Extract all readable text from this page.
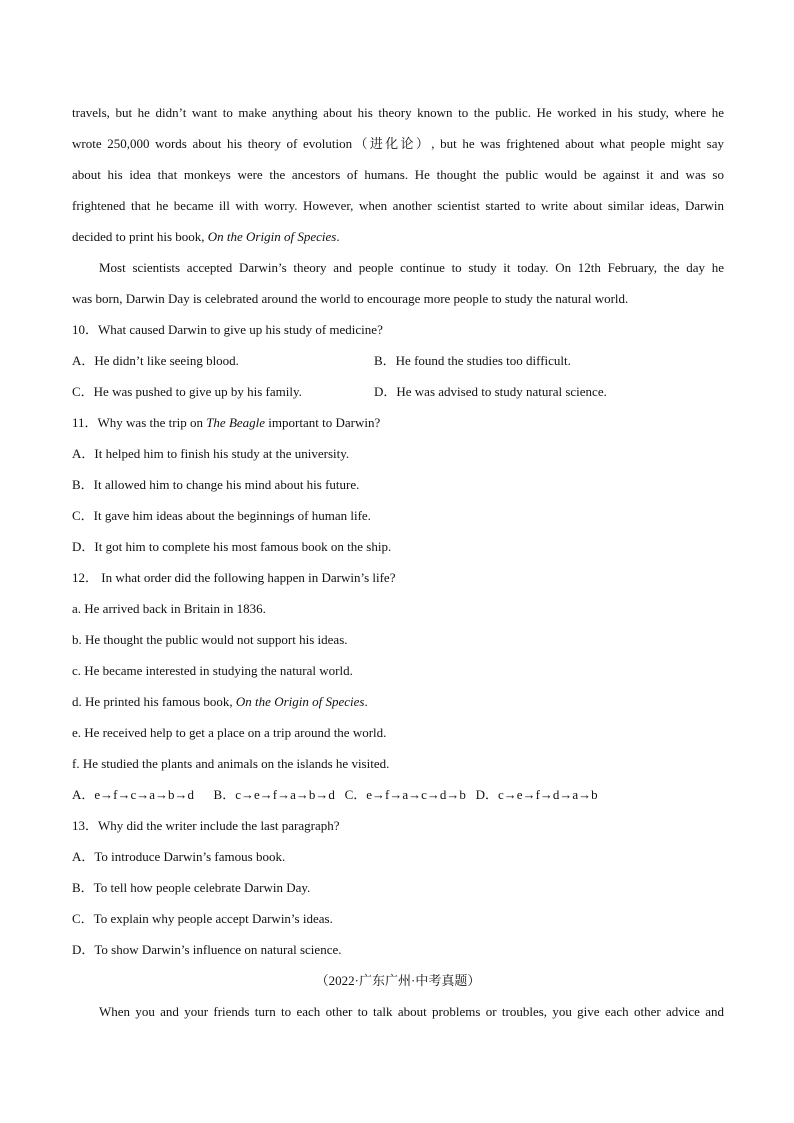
travels, but he didn’t want to make anything about his theory known to the public. He worked in his study, where he
wrote 250,000 words about his theory of evolution（进化论）, but he was frightened about what people might say
about his idea that monkeys were the ancestors of humans. He thought the public would be against it and was so
frightened that he became ill with worry. However, when another scientist started to write about similar ideas, Darwin
decided to print his book, On the Origin of Species.
Most scientists accepted Darwin’s theory and people continue to study it today. On 12th February, the day he
was born, Darwin Day is celebrated around the world to encourage more people to study the natural world.
10．What caused Darwin to give up his study of medicine?
A．He didn’t like seeing blood.	B．He found the studies too difficult.
C．He was pushed to give up by his family.	D．He was advised to study natural science.
11．Why was the trip on The Beagle important to Darwin?
A．It helped him to finish his study at the university.
B．It allowed him to change his mind about his future.
C．It gave him ideas about the beginnings of human life.
D．It got him to complete his most famous book on the ship.
12． In what order did the following happen in Darwin’s life?
a. He arrived back in Britain in 1836.
b. He thought the public would not support his ideas.
c. He became interested in studying the natural world.
d. He printed his famous book, On the Origin of Species.
e. He received help to get a place on a trip around the world.
f. He studied the plants and animals on the islands he visited.
A．e→f→c→a→b→d      B．c→e→f→a→b→d   C．e→f→a→c→d→b   D．c→e→f→d→a→b
13．Why did the writer include the last paragraph?
A．To introduce Darwin’s famous book.
B．To tell how people celebrate Darwin Day.
C．To explain why people accept Darwin’s ideas.
D．To show Darwin’s influence on natural science.
（2022·广东广州·中考真题）
When you and your friends turn to each other to talk about problems or troubles, you give each other advice and
